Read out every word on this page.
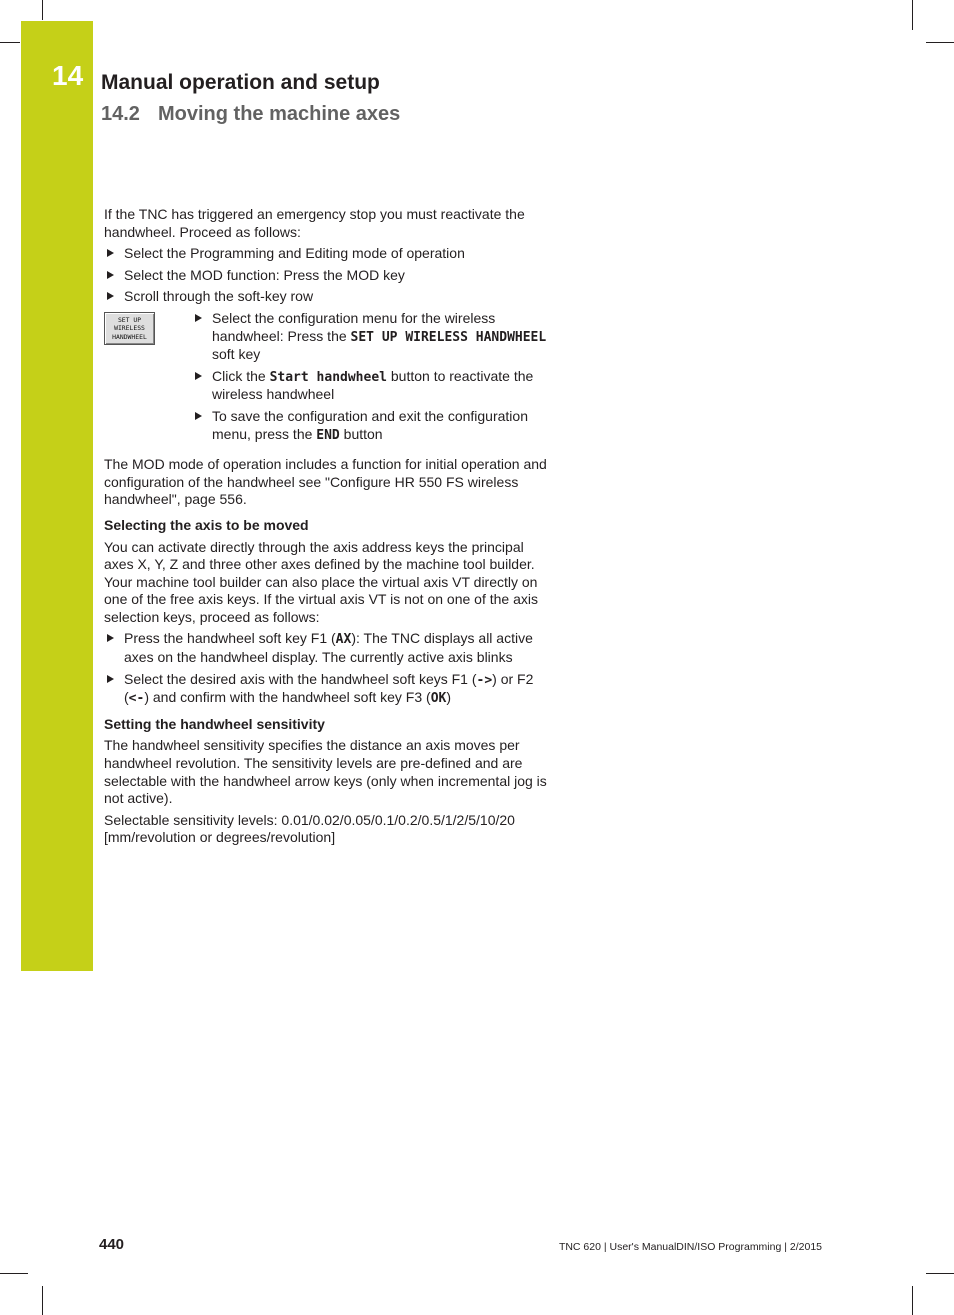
14 Manual operation and setup
14.2 Moving the machine axes

If the TNC has triggered an emergency stop you must reactivate the handwheel. Proceed as follows:

Select the Programming and Editing mode of operation
Select the MOD function: Press the MOD key
Scroll through the soft-key row
SET UP
WIRELESS
HANDWHEEL
Select the configuration menu for the wireless handwheel: Press the SET UP WIRELESS HANDWHEEL soft key
Click the Start handwheel button to reactivate the wireless handwheel
To save the configuration and exit the configuration menu, press the END button

The MOD mode of operation includes a function for initial operation and configuration of the handwheel see "Configure HR 550 FS wireless handwheel", page 556.

Selecting the axis to be moved

You can activate directly through the axis address keys the principal axes X, Y, Z and three other axes defined by the machine tool builder. Your machine tool builder can also place the virtual axis VT directly on one of the free axis keys. If the virtual axis VT is not on one of the axis selection keys, proceed as follows:

Press the handwheel soft key F1 (AX): The TNC displays all active axes on the handwheel display. The currently active axis blinks
Select the desired axis with the handwheel soft keys F1 (->) or F2 (<-) and confirm with the handwheel soft key F3 (OK)
Setting the handwheel sensitivity

The handwheel sensitivity specifies the distance an axis moves per handwheel revolution. The sensitivity levels are pre-defined and are selectable with the handwheel arrow keys (only when incremental jog is not active).

Selectable sensitivity levels: 0.01/0.02/0.05/0.1/0.2/0.5/1/2/5/10/20 [mm/revolution or degrees/revolution]

440	TNC 620 | User's ManualDIN/ISO Programming | 2/2015
